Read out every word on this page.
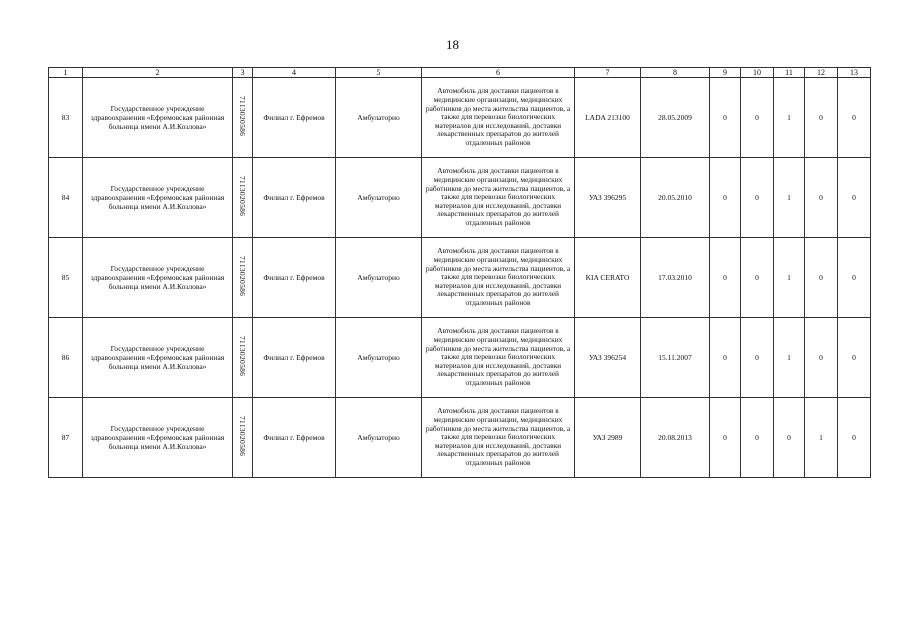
18
1	2	3	4	5	6	7	8	9	10	11	12	13
83	Государственное учреждение здравоохранения «Ефремовская районная больница имени А.И.Козлова»	7113020586	Филиал г. Ефремов	Амбулаторно	Автомобиль для доставки пациентов в медицинские организации, медицинских работников до места жительства пациентов, а также для перевозки биологических материалов для исследований, доставки лекарственных препаратов до жителей отдаленных районов	LADA 213100	28.05.2009	0	0	1	0	0
84	Государственное учреждение здравоохранения «Ефремовская районная больница имени А.И.Козлова»	7113020586	Филиал г. Ефремов	Амбулаторно	Автомобиль для доставки пациентов в медицинские организации, медицинских работников до места жительства пациентов, а также для перевозки биологических материалов для исследований, доставки лекарственных препаратов до жителей отдаленных районов	УАЗ 396295	20.05.2010	0	0	1	0	0
85	Государственное учреждение здравоохранения «Ефремовская районная больница имени А.И.Козлова»	7113020586	Филиал г. Ефремов	Амбулаторно	Автомобиль для доставки пациентов в медицинские организации, медицинских работников до места жительства пациентов, а также для перевозки биологических материалов для исследований, доставки лекарственных препаратов до жителей отдаленных районов	KIA CERATO	17.03.2010	0	0	1	0	0
86	Государственное учреждение здравоохранения «Ефремовская районная больница имени А.И.Козлова»	7113020586	Филиал г. Ефремов	Амбулаторно	Автомобиль для доставки пациентов в медицинские организации, медицинских работников до места жительства пациентов, а также для перевозки биологических материалов для исследований, доставки лекарственных препаратов до жителей отдаленных районов	УАЗ 396254	15.11.2007	0	0	1	0	0
87	Государственное учреждение здравоохранения «Ефремовская районная больница имени А.И.Козлова»	7113020586	Филиал г. Ефремов	Амбулаторно	Автомобиль для доставки пациентов в медицинские организации, медицинских работников до места жительства пациентов, а также для перевозки биологических материалов для исследований, доставки лекарственных препаратов до жителей отдаленных районов	УАЗ 2989	20.08.2013	0	0	0	1	0
